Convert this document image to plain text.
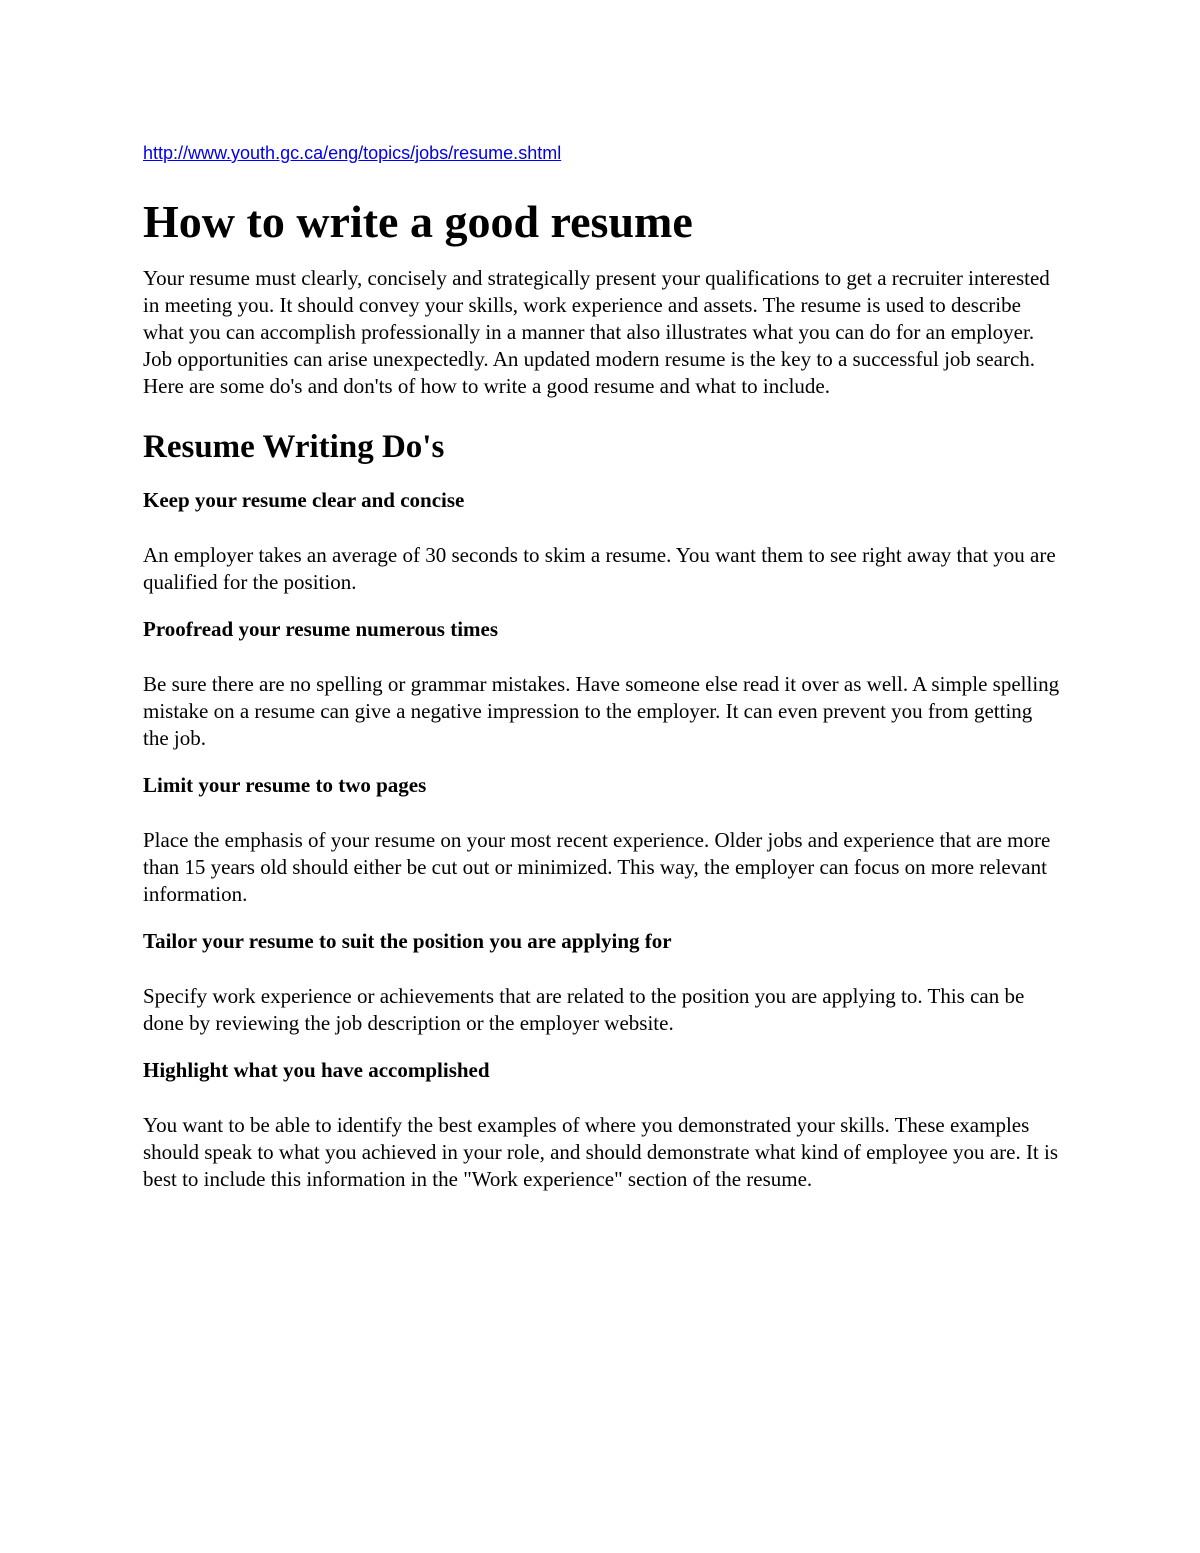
http://www.youth.gc.ca/eng/topics/jobs/resume.shtml
How to write a good resume

Your resume must clearly, concisely and strategically present your qualifications to get a recruiter interested in meeting you. It should convey your skills, work experience and assets. The resume is used to describe what you can accomplish professionally in a manner that also illustrates what you can do for an employer. Job opportunities can arise unexpectedly. An updated modern resume is the key to a successful job search. Here are some do's and don'ts of how to write a good resume and what to include.

Resume Writing Do's

Keep your resume clear and concise

An employer takes an average of 30 seconds to skim a resume. You want them to see right away that you are qualified for the position.

Proofread your resume numerous times

Be sure there are no spelling or grammar mistakes. Have someone else read it over as well. A simple spelling mistake on a resume can give a negative impression to the employer. It can even prevent you from getting the job.

Limit your resume to two pages

Place the emphasis of your resume on your most recent experience. Older jobs and experience that are more than 15 years old should either be cut out or minimized. This way, the employer can focus on more relevant information.

Tailor your resume to suit the position you are applying for

Specify work experience or achievements that are related to the position you are applying to. This can be done by reviewing the job description or the employer website.

Highlight what you have accomplished

You want to be able to identify the best examples of where you demonstrated your skills. These examples should speak to what you achieved in your role, and should demonstrate what kind of employee you are. It is best to include this information in the "Work experience" section of the resume.
